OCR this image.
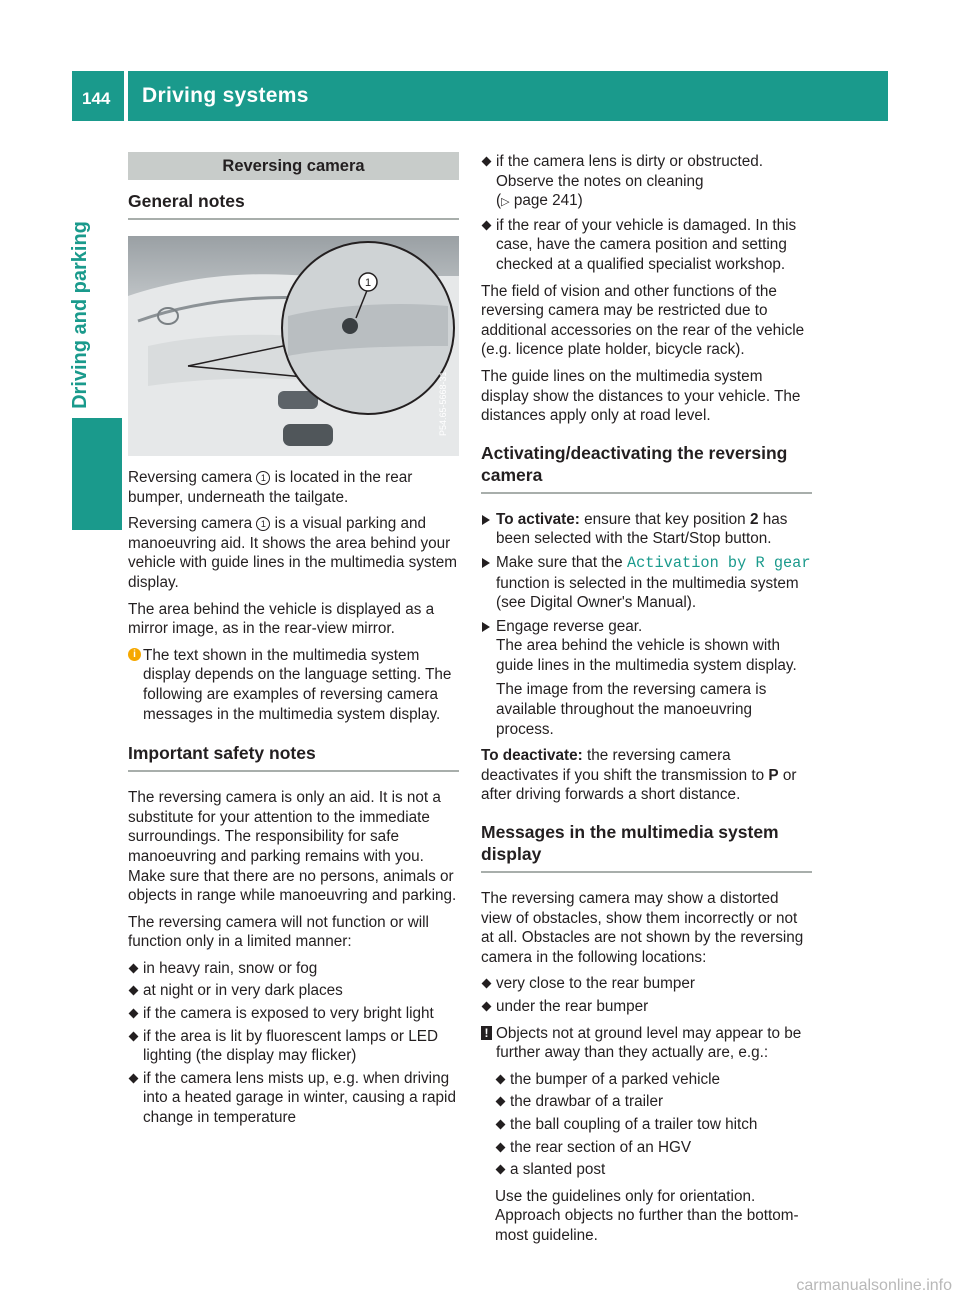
144 Driving systems
Driving and parking
Reversing camera
General notes
1
P54.65-5668-31

Reversing camera 1 is located in the rear bumper, underneath the tailgate.

Reversing camera 1 is a visual parking and manoeuvring aid. It shows the area behind your vehicle with guide lines in the multimedia system display.

The area behind the vehicle is displayed as a mirror image, as in the rear-view mirror.

i The text shown in the multimedia system display depends on the language setting. The following are examples of reversing camera messages in the multimedia system display.
Important safety notes

The reversing camera is only an aid. It is not a substitute for your attention to the immediate surroundings. The responsibility for safe manoeuvring and parking remains with you. Make sure that there are no persons, animals or objects in range while manoeuvring and parking.

The reversing camera will not function or will function only in a limited manner:

in heavy rain, snow or fog
at night or in very dark places
if the camera is exposed to very bright light
if the area is lit by fluorescent lamps or LED lighting (the display may flicker)
if the camera lens mists up, e.g. when driving into a heated garage in winter, causing a rapid change in temperature
if the camera lens is dirty or obstructed. Observe the notes on cleaning
(▷ page 241)
if the rear of your vehicle is damaged. In this case, have the camera position and setting checked at a qualified specialist workshop.

The field of vision and other functions of the reversing camera may be restricted due to additional accessories on the rear of the vehicle (e.g. licence plate holder, bicycle rack).

The guide lines on the multimedia system display show the distances to your vehicle. The distances apply only at road level.

Activating/deactivating the reversing camera
To activate: ensure that key position 2 has been selected with the Start/Stop button.
Make sure that the Activation by R gear function is selected in the multimedia system (see Digital Owner's Manual).
Engage reverse gear.
The area behind the vehicle is shown with guide lines in the multimedia system display.
The image from the reversing camera is available throughout the manoeuvring process.

To deactivate: the reversing camera deactivates if you shift the transmission to P or after driving forwards a short distance.

Messages in the multimedia system display

The reversing camera may show a distorted view of obstacles, show them incorrectly or not at all. Obstacles are not shown by the reversing camera in the following locations:

very close to the rear bumper
under the rear bumper
! Objects not at ground level may appear to be further away than they actually are, e.g.:
the bumper of a parked vehicle
the drawbar of a trailer
the ball coupling of a trailer tow hitch
the rear section of an HGV
a slanted post

Use the guidelines only for orientation. Approach objects no further than the bottom-most guideline.

carmanualsonline.info
